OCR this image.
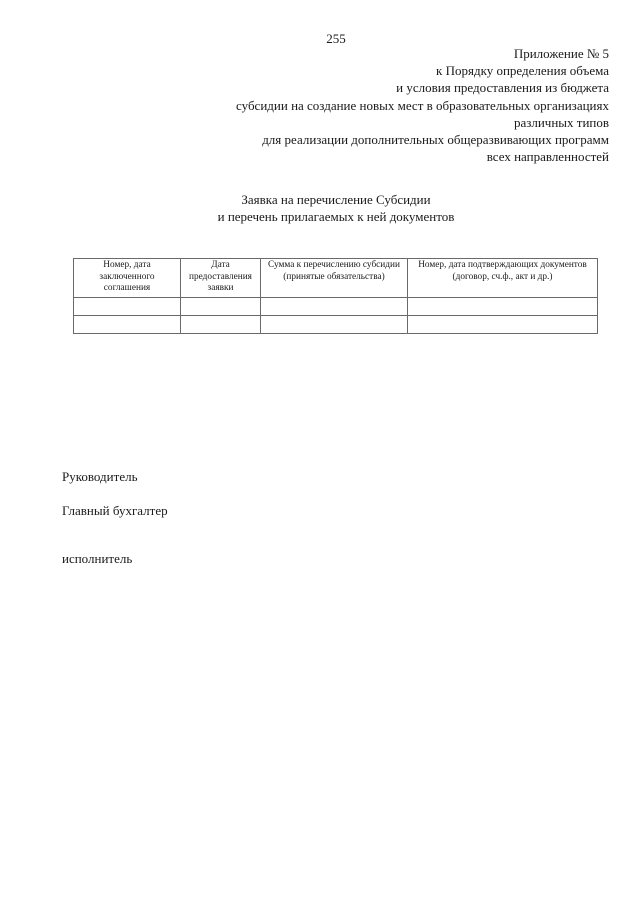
255
Приложение № 5
к Порядку определения объема
и условия предоставления из бюджета
субсидии на создание новых мест в образовательных организациях
различных типов
для реализации дополнительных общеразвивающих программ
всех направленностей
Заявка на перечисление Субсидии
и перечень прилагаемых к ней документов
Номер, дата заключенного соглашения	Дата предоставления заявки	Сумма к перечислению субсидии (принятые обязательства)	Номер, дата подтверждающих документов (договор, сч.ф., акт и др.)

Руководитель
Главный бухгалтер
исполнитель
